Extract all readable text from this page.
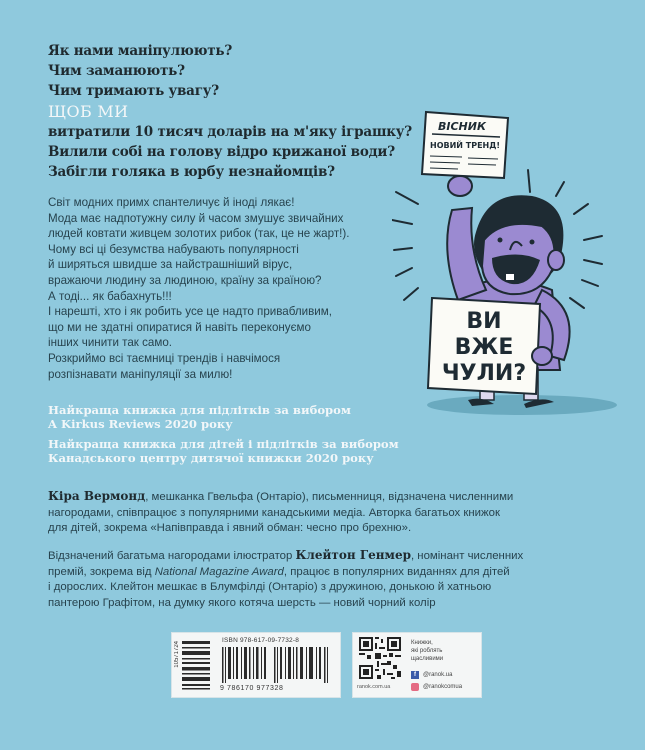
Як нами маніпулюють?
Чим заманюють?
Чим тримають увагу?
ЩОБ МИ
витратили 10 тисяч доларів на м'яку іграшку?
Вилили собі на голову відро крижаної води?
Забігли голяка в юрбу незнайомців?
Світ модних примх спантеличує й іноді лякає!
Мода має надпотужну силу й часом змушує звичайних
людей ковтати живцем золотих рибок (так, це не жарт!).
Чому всі ці безумства набувають популярності
й ширяться швидше за найстрашніший вірус,
вражаючи людину за людиною, країну за країною?
А тоді... як бабахнуть!!!
І нарешті, хто і як робить усе це надто привабливим,
що ми не здатні опиратися й навіть переконуємо
інших чинити так само.
Розкриймо всі таємниці трендів і навчімося
розпізнавати маніпуляції за милю!
Найкраща книжка для підлітків за вибором
A Kirkus Reviews 2020 року
Найкраща книжка для дітей і підлітків за вибором
Канадського центру дитячої книжки 2020 року
Кіра Вермонд, мешканка Гвельфа (Онтаріо), письменниця, відзначена численними
нагородами, співпрацює з популярними канадськими медіа. Авторка багатьох книжок
для дітей, зокрема «Напівправда і явний обман: чесно про брехню».
Відзначений багатьма нагородами ілюстратор Клейтон Генмер, номінант численних
премій, зокрема від National Magazine Award, працює в популярних виданнях для дітей
і дорослих. Клейтон мешкає в Блумфілді (Онтаріо) з дружиною, донькою й хатньою
пантерою Графітом, на думку якого котяча шерсть — новий чорний колір
ВІСНИК
НОВИЙ ТРЕНД!
ВИ
ВЖЕ
ЧУЛИ?
10571724
ISBN 978-617-09-7732-8
9 786170 977328	ranok.com.ua
Книжки,
які роблять
щасливими
f	@ranok.ua
@ranokcomua
